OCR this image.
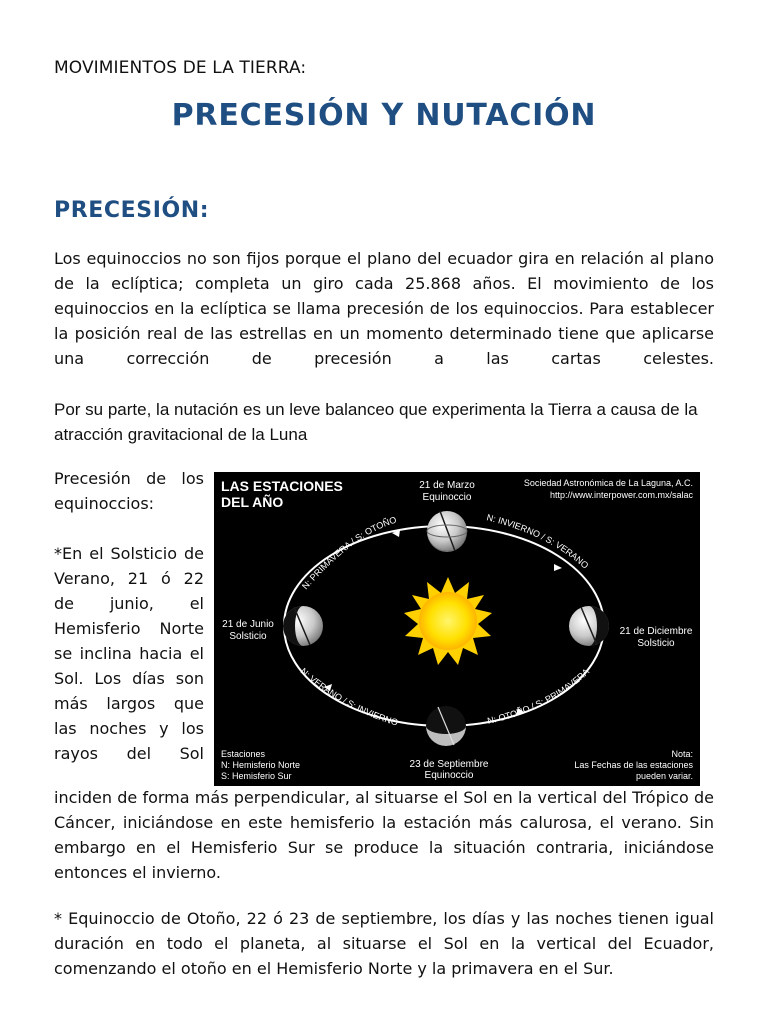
MOVIMIENTOS DE LA TIERRA:
PRECESIÓN Y NUTACIÓN
PRECESIÓN:

Los equinoccios no son fijos porque el plano del ecuador gira en relación al plano de la eclíptica; completa un giro cada 25.868 años. El movimiento de los equinoccios en la eclíptica se llama precesión de los equinoccios. Para establecer la posición real de las estrellas en un momento determinado tiene que aplicarse una corrección de precesión a las cartas celestes.

Por su parte, la nutación es un leve balanceo que experimenta la Tierra a causa de la atracción gravitacional de la Luna

Precesión de los equinoccios:

*En el Solsticio de Verano, 21 ó 22 de junio, el Hemisferio Norte se inclina hacia el Sol. Los días son más largos que las noches y los rayos del Sol

inciden de forma más perpendicular, al situarse el Sol en la vertical del Trópico de Cáncer, iniciándose en este hemisferio la estación más calurosa, el verano. Sin embargo en el Hemisferio Sur se produce la situación contraria, iniciándose entonces el invierno.

LAS ESTACIONES
DEL AÑO
Sociedad Astronómica de La Laguna, A.C.
http://www.interpower.com.mx/salac
21 de Marzo
Equinoccio
21 de Junio
Solsticio	21 de Diciembre
Solsticio
23 de Septiembre
Equinoccio
N: PRIMAVERA / S: OTOÑO	N: INVIERNO / S: VERANO
N: VERANO / S: INVIERNO	N: OTOÑO / S: PRIMAVERA
Estaciones
N: Hemisferio Norte
S: Hemisferio Sur
Nota:
Las Fechas de las estaciones
pueden variar.

* Equinoccio de Otoño, 22 ó 23 de septiembre, los días y las noches tienen igual duración en todo el planeta, al situarse el Sol en la vertical del Ecuador, comenzando el otoño en el Hemisferio Norte y la primavera en el Sur.
